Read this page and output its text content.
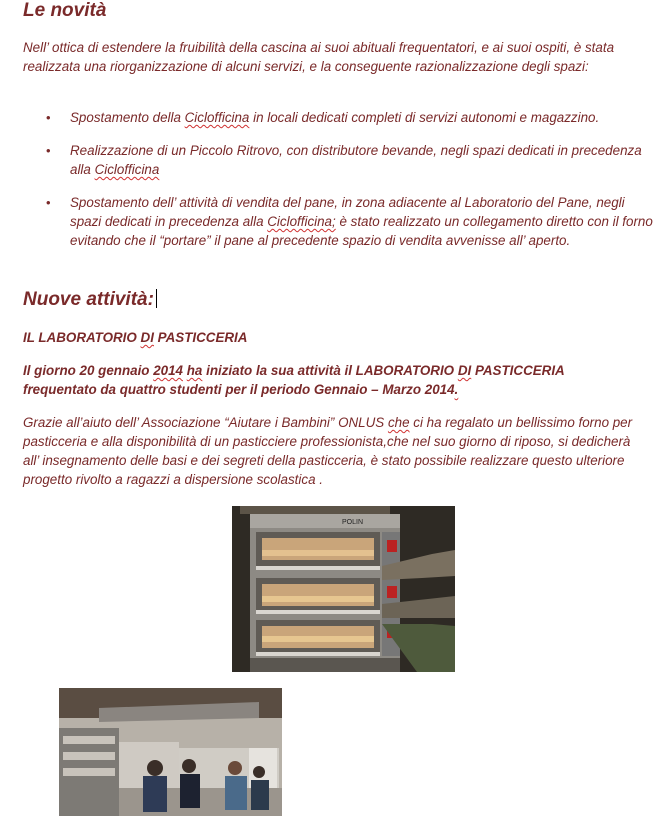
Le novità

Nell’ ottica di estendere la fruibilità della cascina ai suoi abituali frequentatori, e ai suoi ospiti, è stata realizzata una riorganizzazione di alcuni servizi, e la conseguente razionalizzazione degli spazi:

• Spostamento della Ciclofficina in locali dedicati completi di servizi autonomi e magazzino.
• Realizzazione di un Piccolo Ritrovo, con distributore bevande, negli spazi dedicati in precedenza alla Ciclofficina
• Spostamento dell’ attività di vendita del pane, in zona adiacente al Laboratorio del Pane, negli spazi dedicati in precedenza alla Ciclofficina; è stato realizzato un collegamento diretto con il forno evitando che il “portare” il pane al precedente spazio di vendita avvenisse all’ aperto.
Nuove attività:

IL LABORATORIO DI PASTICCERIA

Il giorno 20 gennaio 2014 ha iniziato la sua attività il LABORATORIO DI PASTICCERIA frequentato da quattro studenti per il periodo Gennaio – Marzo 2014.

Grazie all’aiuto dell’ Associazione “Aiutare i Bambini” ONLUS che ci ha regalato un bellissimo forno per pasticceria e alla disponibilità di un pasticciere professionista,che nel suo giorno di riposo, si dedicherà all’ insegnamento delle basi e dei segreti della pasticceria, è stato possibile realizzare questo ulteriore progetto rivolto a ragazzi a dispersione scolastica .

POLIN
